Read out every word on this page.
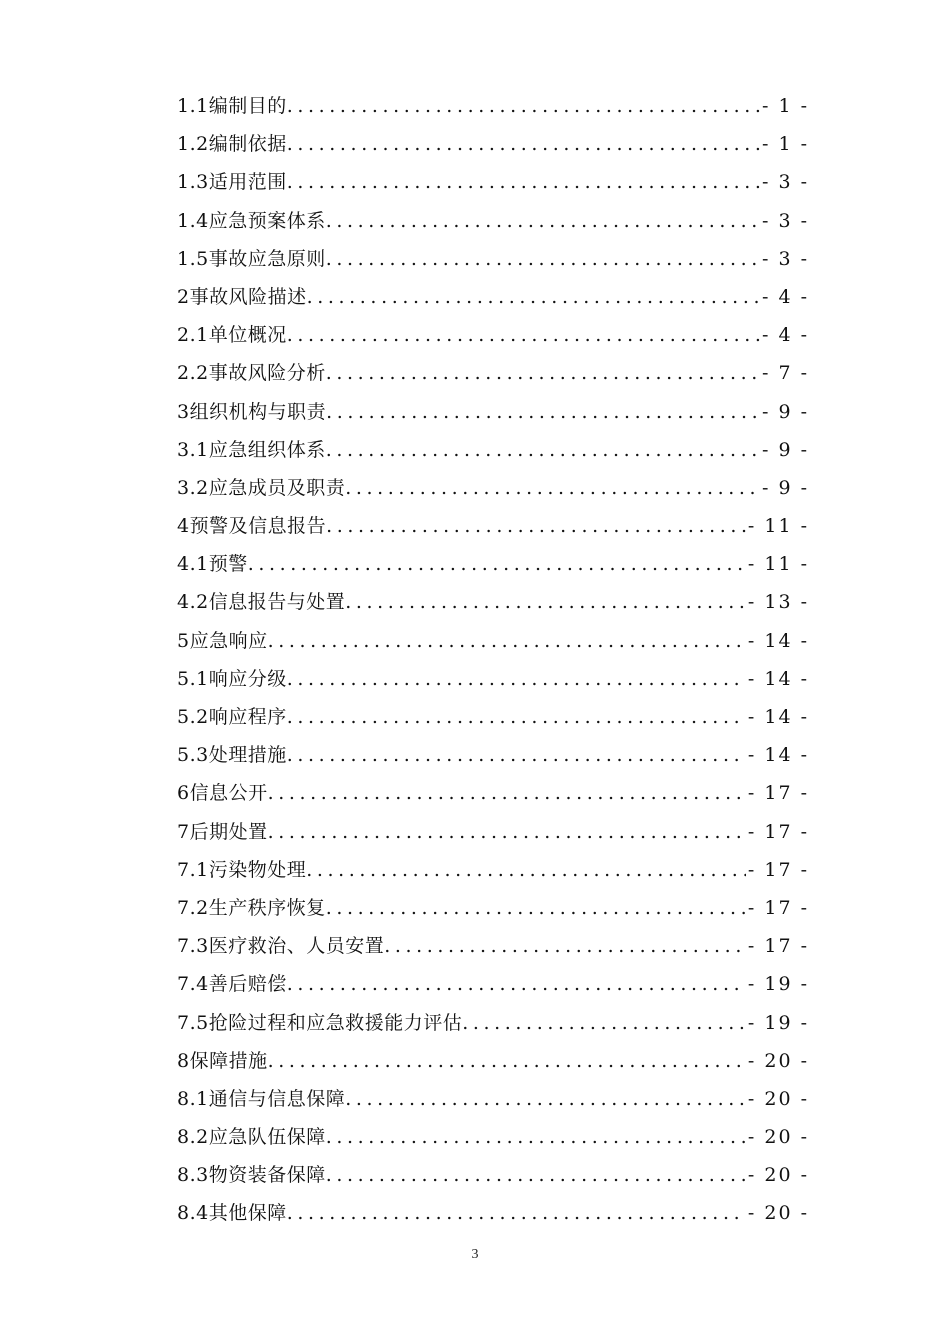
1.1编制目的 .....	- 1 -
1.2编制依据 .....	- 1 -
1.3适用范围 .....	- 3 -
1.4应急预案体系 .....	- 3 -
1.5事故应急原则 .....	- 3 -
2事故风险描述 .....	- 4 -
2.1单位概况 .....	- 4 -
2.2事故风险分析 .....	- 7 -
3组织机构与职责 .....	- 9 -
3.1应急组织体系 .....	- 9 -
3.2应急成员及职责 .....	- 9 -
4预警及信息报告 .....	- 11 -
4.1预警 .....	- 11 -
4.2信息报告与处置 .....	- 13 -
5应急响应 .....	- 14 -
5.1响应分级 .....	- 14 -
5.2响应程序 .....	- 14 -
5.3处理措施 .....	- 14 -
6信息公开 .....	- 17 -
7后期处置 .....	- 17 -
7.1污染物处理 .....	- 17 -
7.2生产秩序恢复 .....	- 17 -
7.3医疗救治、人员安置 .....	- 17 -
7.4善后赔偿 .....	- 19 -
7.5抢险过程和应急救援能力评估 .....	- 19 -
8保障措施 .....	- 20 -
8.1通信与信息保障 .....	- 20 -
8.2应急队伍保障 .....	- 20 -
8.3物资装备保障 .....	- 20 -
8.4其他保障 .....	- 20 -
3
